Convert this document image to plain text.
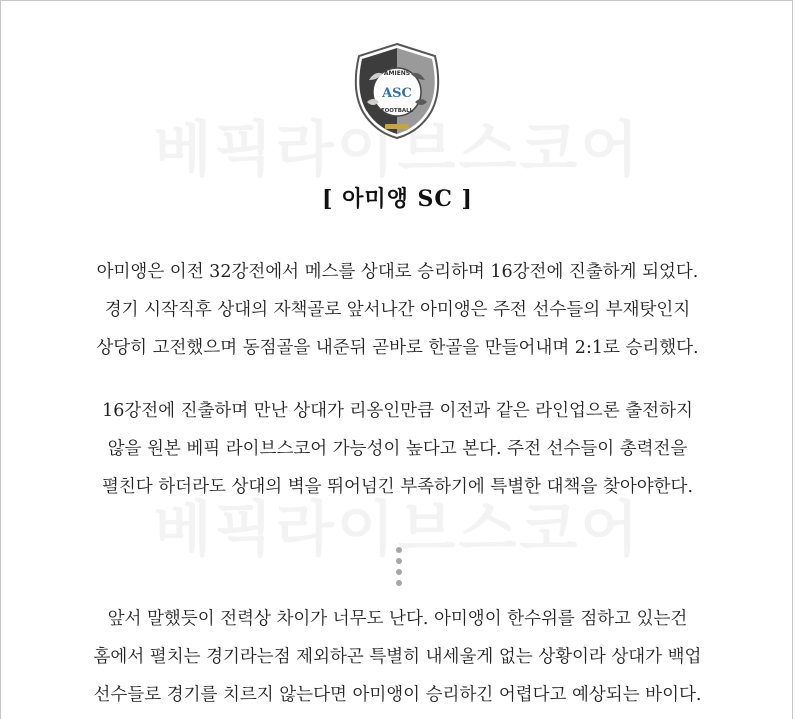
AMIENS
ASC
FOOTBALL
[ 아미앵 SC ]
아미앵은 이전 32강전에서 메스를 상대로 승리하며 16강전에 진출하게 되었다.
경기 시작직후 상대의 자책골로 앞서나간 아미앵은 주전 선수들의 부재탓인지
상당히 고전했으며 동점골을 내준뒤 곧바로 한골을 만들어내며 2:1로 승리했다.
16강전에 진출하며 만난 상대가 리옹인만큼 이전과 같은 라인업으론 출전하지
않을 원본 베픽 라이브스코어 가능성이 높다고 본다. 주전 선수들이 총력전을
펼친다 하더라도 상대의 벽을 뛰어넘긴 부족하기에 특별한 대책을 찾아야한다.
앞서 말했듯이 전력상 차이가 너무도 난다. 아미앵이 한수위를 점하고 있는건
홈에서 펼치는 경기라는점 제외하곤 특별히 내세울게 없는 상황이라 상대가 백업
선수들로 경기를 치르지 않는다면 아미앵이 승리하긴 어렵다고 예상되는 바이다.
